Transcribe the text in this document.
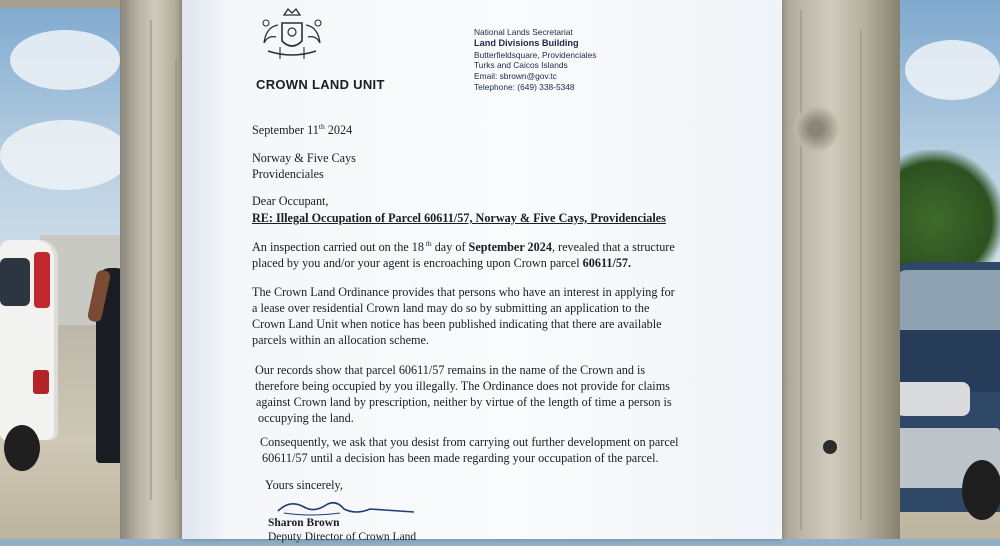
CROWN LAND UNIT
National Lands Secretariat
Land Divisions Building
Butterfieldsquare, Providenciales
Turks and Caicos Islands
Email: sbrown@gov.tc
Telephone: (649) 338-5348
September 11th 2024
Norway & Five Cays
Providenciales
Dear Occupant,
RE: Illegal Occupation of Parcel 60611/57, Norway & Five Cays, Providenciales
An inspection carried out on the 18 $^{th}$ day of September 2024, revealed that a structure
placed by you and/or your agent is encroaching upon Crown parcel 60611/57.
The Crown Land Ordinance provides that persons who have an interest in applying for
a lease over residential Crown land may do so by submitting an application to the
Crown Land Unit when notice has been published indicating that there are available
parcels within an allocation scheme.
Our records show that parcel 60611/57 remains in the name of the Crown and is
therefore being occupied by you illegally. The Ordinance does not provide for claims
against Crown land by prescription, neither by virtue of the length of time a person is
occupying the land.
Consequently, we ask that you desist from carrying out further development on parcel
60611/57 until a decision has been made regarding your occupation of the parcel.
Yours sincerely,
Sharon Brown
Deputy Director of Crown Land
